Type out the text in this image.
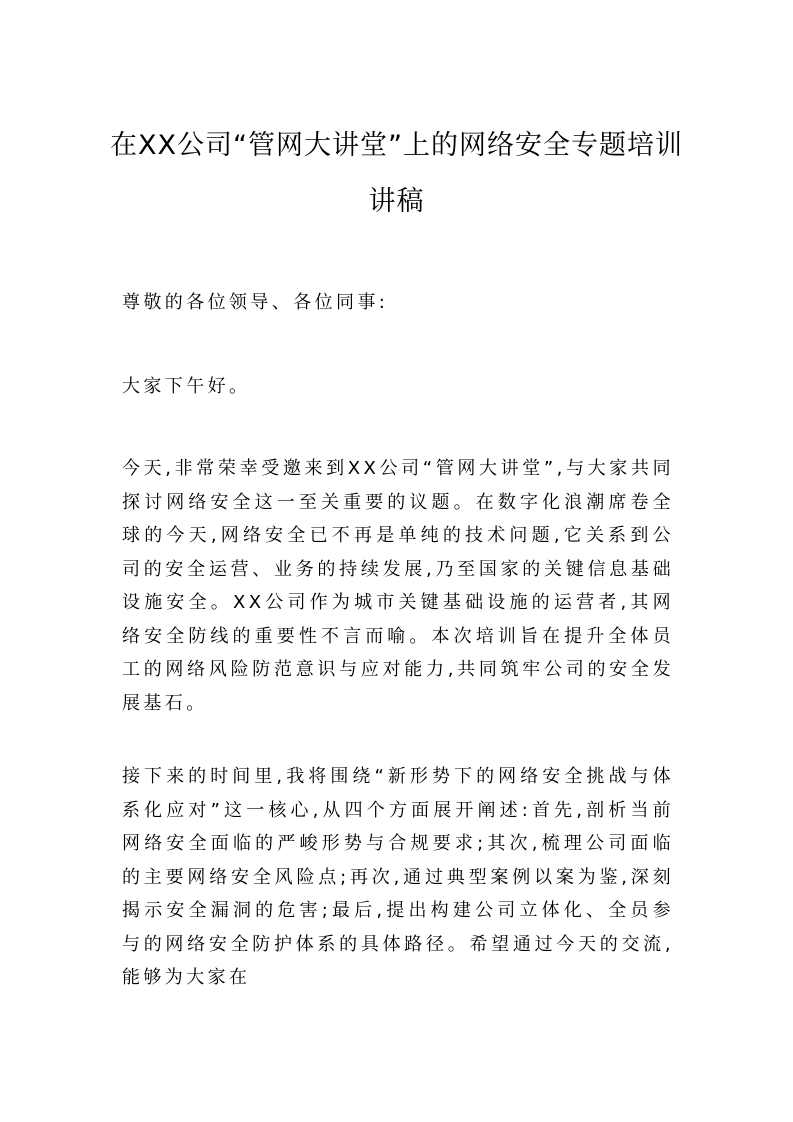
在XX公司“管网大讲堂”上的网络安全专题培训讲稿

尊敬的各位领导、各位同事:

大家下午好。

今天,非常荣幸受邀来到XX公司“管网大讲堂”,与大家共同探讨网络安全这一至关重要的议题。在数字化浪潮席卷全球的今天,网络安全已不再是单纯的技术问题,它关系到公司的安全运营、业务的持续发展,乃至国家的关键信息基础设施安全。XX公司作为城市关键基础设施的运营者,其网络安全防线的重要性不言而喻。本次培训旨在提升全体员工的网络风险防范意识与应对能力,共同筑牢公司的安全发展基石。

接下来的时间里,我将围绕“新形势下的网络安全挑战与体系化应对”这一核心,从四个方面展开阐述:首先,剖析当前网络安全面临的严峻形势与合规要求;其次,梳理公司面临的主要网络安全风险点;再次,通过典型案例以案为鉴,深刻揭示安全漏洞的危害;最后,提出构建公司立体化、全员参与的网络安全防护体系的具体路径。希望通过今天的交流,能够为大家在
